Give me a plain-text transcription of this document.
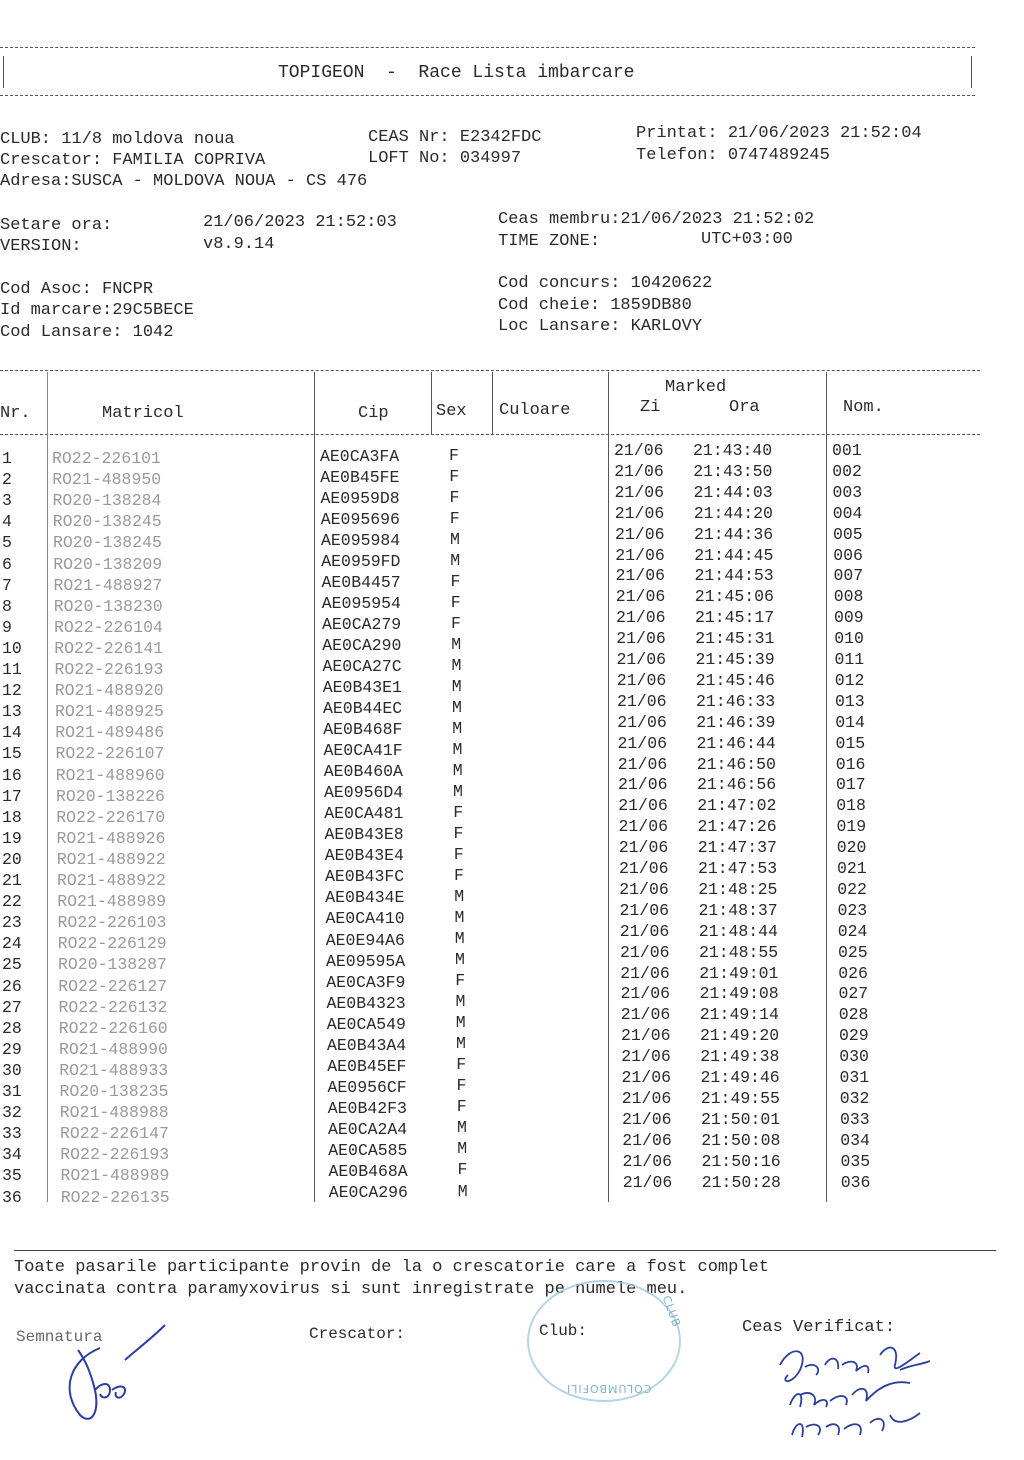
TOPIGEON  -  Race Lista imbarcare
CLUB: 11/8 moldova noua	CEAS Nr: E2342FDC	Printat: 21/06/2023 21:52:04
Crescator: FAMILIA COPRIVA	LOFT No: 034997	Telefon: 0747489245
Adresa:SUSCA - MOLDOVA NOUA - CS 476
Setare ora:	21/06/2023 21:52:03	Ceas membru:21/06/2023 21:52:02
VERSION:	v8.9.14	TIME ZONE:	UTC+03:00
Cod Asoc: FNCPR	Cod concurs: 10420622
Id marcare:29C5BECE	Cod cheie: 1859DB80
Cod Lansare: 1042	Loc Lansare: KARLOVY
Nr.	Matricol	Cip	Sex Culoare
Marked
Zi	Ora	Nom.
1 RO22-226101	AE0CA3FA	F	21/06 21:43:40	001
2 RO21-488950	AE0B45FE	F	21/06 21:43:50	002
3 RO20-138284	AE0959D8	F	21/06 21:44:03	003
4 RO20-138245	AE095696	F	21/06 21:44:20	004
5 RO20-138245	AE095984	M	21/06 21:44:36	005
6	RO20-138209	AE0959FD	M	21/06 21:44:45	006
7	RO21-488927	AE0B4457	F	21/06 21:44:53	007
8	RO20-138230	AE095954	F	21/06 21:45:06	008
9	RO22-226104	AE0CA279	F	21/06 21:45:17	009
10 RO22-226141	AE0CA290	M	21/06 21:45:31	010
11 RO22-226193	AE0CA27C	M	21/06 21:45:39	011
12 RO21-488920	AE0B43E1	M	21/06 21:45:46	012
13 RO21-488925	AE0B44EC	M	21/06 21:46:33	013
14 RO21-489486	AE0B468F	M	21/06 21:46:39	014
15 RO22-226107	AE0CA41F	M	21/06 21:46:44	015
16 RO21-488960	AE0B460A	M	21/06 21:46:50	016
17 RO20-138226	AE0956D4	M	21/06 21:46:56	017
18 RO22-226170	AE0CA481	F	21/06 21:47:02	018
19 RO21-488926	AE0B43E8	F	21/06 21:47:26	019
20 RO21-488922	AE0B43E4	F	21/06 21:47:37	020
21 RO21-488922	AE0B43FC	F	21/06 21:47:53	021
22 RO21-488989	AE0B434E	M	21/06 21:48:25	022
23 RO22-226103	AE0CA410	M	21/06 21:48:37	023
24 RO22-226129	AE0E94A6	M	21/06 21:48:44	024
25 RO20-138287	AE09595A	M	21/06 21:48:55	025
26 RO22-226127	AE0CA3F9	F	21/06 21:49:01	026
27 RO22-226132	AE0B4323	M	21/06 21:49:08	027
28 RO22-226160	AE0CA549	M	21/06 21:49:14	028
29 RO21-488990	AE0B43A4	M	21/06 21:49:20	029
30 RO21-488933	AE0B45EF	F	21/06 21:49:38	030
31 RO20-138235	AE0956CF	F	21/06 21:49:46	031
32 RO21-488988	AE0B42F3	F	21/06 21:49:55	032
33 RO22-226147	AE0CA2A4	M	21/06 21:50:01	033
34 RO22-226193	AE0CA585	M	21/06 21:50:08	034
35 RO21-488989	AE0B468A	F	21/06 21:50:16	035
36 RO22-226135	AE0CA296	M	21/06 21:50:28	036
Toate pasarile participante provin de la o crescatorie care a fost complet
vaccinata contra paramyxovirus si sunt inregistrate pe numele meu.
Semnatura	Crescator:	Club:	Ceas Verificat:
CLUB
COLUMBOFILI
